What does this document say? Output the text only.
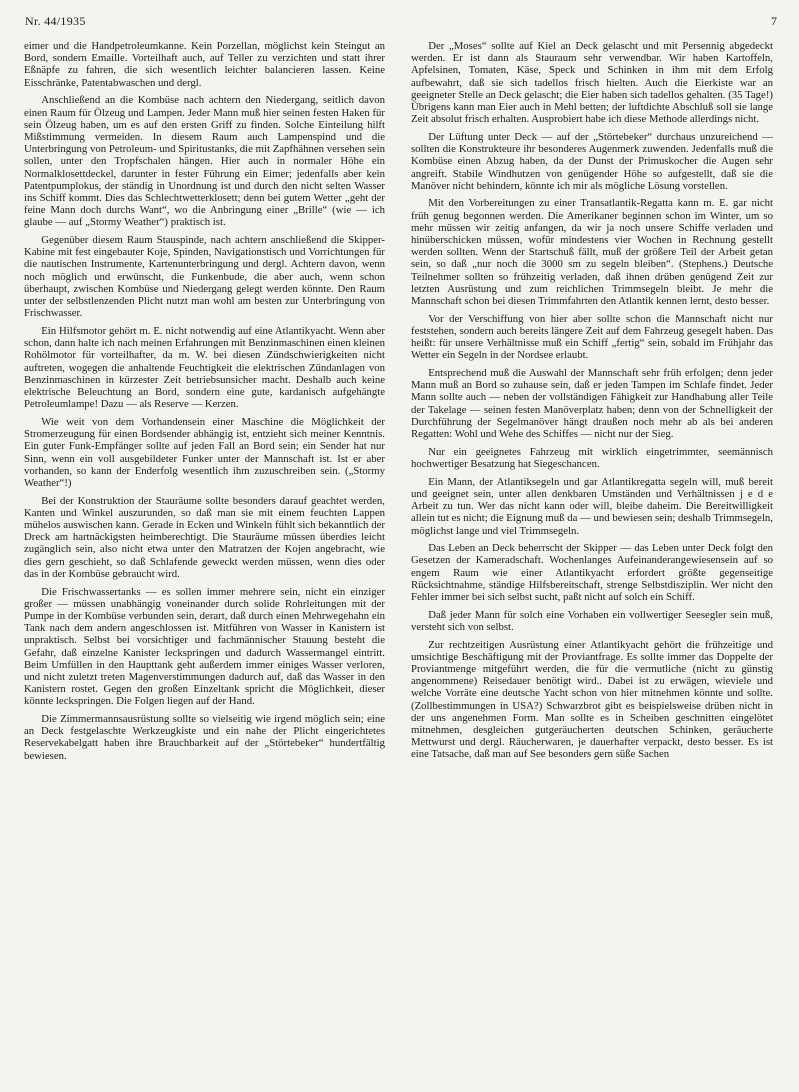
Nr. 44/1935	7

eimer und die Handpetroleumkanne. Kein Porzellan, möglichst kein Steingut an Bord, sondern Emaille. Vorteilhaft auch, auf Teller zu verzichten und statt ihrer Eßnäpfe zu fahren, die sich wesentlich leichter balancieren lassen. Keine Eisschränke, Patentabwaschen und dergl.

Anschließend an die Kombüse nach achtern den Niedergang, seitlich davon einen Raum für Ölzeug und Lampen. Jeder Mann muß hier seinen festen Haken für sein Ölzeug haben, um es auf den ersten Griff zu finden. Solche Einteilung hilft Mißstimmung vermeiden. In diesem Raum auch Lampenspind und die Unterbringung von Petroleum- und Spiritustanks, die mit Zapfhähnen versehen sein sollen, unter den Tropfschalen hängen. Hier auch in normaler Höhe ein Normalklosettdeckel, darunter in fester Führung ein Eimer; jedenfalls aber kein Patentpumplokus, der ständig in Unordnung ist und durch den nicht selten Wasser ins Schiff kommt. Dies das Schlechtwetterklosett; denn bei gutem Wetter „geht der feine Mann doch durchs Want“, wo die Anbringung einer „Brille“ (wie — ich glaube — auf „Stormy Weather“) praktisch ist.

Gegenüber diesem Raum Stauspinde, nach achtern anschließend die Skipper-Kabine mit fest eingebauter Koje, Spinden, Navigationstisch und Vorrichtungen für die nautischen Instrumente, Kartenunterbringung und dergl. Achtern davon, wenn noch möglich und erwünscht, die Funkenbude, die aber auch, wenn schon überhaupt, zwischen Kombüse und Niedergang gelegt werden könnte. Den Raum unter der selbstlenzenden Plicht nutzt man wohl am besten zur Unterbringung von Frischwasser.

Ein Hilfsmotor gehört m. E. nicht notwendig auf eine Atlantikyacht. Wenn aber schon, dann halte ich nach meinen Erfahrungen mit Benzinmaschinen einen kleinen Rohölmotor für vorteilhafter, da m. W. bei diesen Zündschwierigkeiten nicht auftreten, wogegen die anhaltende Feuchtigkeit die elektrischen Zündanlagen von Benzinmaschinen in kürzester Zeit betriebsunsicher macht. Deshalb auch keine elektrische Beleuchtung an Bord, sondern eine gute, kardanisch aufgehängte Petroleumlampe! Dazu — als Reserve — Kerzen.

Wie weit von dem Vorhandensein einer Maschine die Möglichkeit der Stromerzeugung für einen Bordsender abhängig ist, entzieht sich meiner Kenntnis. Ein guter Funk-Empfänger sollte auf jeden Fall an Bord sein; ein Sender hat nur Sinn, wenn ein voll ausgebildeter Funker unter der Mannschaft ist. Ist er aber vorhanden, so kann der Enderfolg wesentlich ihm zuzuschreiben sein. („Stormy Weather“!)

Bei der Konstruktion der Stauräume sollte besonders darauf geachtet werden, Kanten und Winkel auszurunden, so daß man sie mit einem feuchten Lappen mühelos auswischen kann. Gerade in Ecken und Winkeln fühlt sich bekanntlich der Dreck am hartnäckigsten heimberechtigt. Die Stauräume müssen überdies leicht zugänglich sein, also nicht etwa unter den Matratzen der Kojen angebracht, wie dies gern geschieht, so daß Schlafende geweckt werden müssen, wenn dies oder das in der Kombüse gebraucht wird.

Die Frischwassertanks — es sollen immer mehrere sein, nicht ein einziger großer — müssen unabhängig voneinander durch solide Rohrleitungen mit der Pumpe in der Kombüse verbunden sein, derart, daß durch einen Mehrwegehahn ein Tank nach dem andern angeschlossen ist. Mitführen von Wasser in Kanistern ist unpraktisch. Selbst bei vorsichtiger und fachmännischer Stauung besteht die Gefahr, daß einzelne Kanister leckspringen und dadurch Wassermangel eintritt. Beim Umfüllen in den Haupttank geht außerdem immer einiges Wasser verloren, und nicht zuletzt treten Magenverstimmungen dadurch auf, daß das Wasser in den Kanistern rostet. Gegen den großen Einzeltank spricht die Möglichkeit, dieser könnte leckspringen. Die Folgen liegen auf der Hand.

Die Zimmermannsausrüstung sollte so vielseitig wie irgend möglich sein; eine an Deck festgelaschte Werkzeugkiste und ein nahe der Plicht eingerichtetes Reservekabelgatt haben ihre Brauchbarkeit auf der „Störtebeker“ hundertfältig bewiesen.

Der „Moses“ sollte auf Kiel an Deck gelascht und mit Persennig abgedeckt werden. Er ist dann als Stauraum sehr verwendbar. Wir haben Kartoffeln, Apfelsinen, Tomaten, Käse, Speck und Schinken in ihm mit dem Erfolg aufbewahrt, daß sie sich tadellos frisch hielten. Auch die Eierkiste war an geeigneter Stelle an Deck gelascht; die Eier haben sich tadellos gehalten. (35 Tage!) Übrigens kann man Eier auch in Mehl betten; der luftdichte Abschluß soll sie lange Zeit absolut frisch erhalten. Ausprobiert habe ich diese Methode allerdings nicht.

Der Lüftung unter Deck — auf der „Störtebeker“ durchaus unzureichend — sollten die Konstrukteure ihr besonderes Augenmerk zuwenden. Jedenfalls muß die Kombüse einen Abzug haben, da der Dunst der Primuskocher die Augen sehr angreift. Stabile Windhutzen von genügender Höhe so aufgestellt, daß sie die Manöver nicht behindern, könnte ich mir als mögliche Lösung vorstellen.

Mit den Vorbereitungen zu einer Transatlantik-Regatta kann m. E. gar nicht früh genug begonnen werden. Die Amerikaner beginnen schon im Winter, um so mehr müssen wir zeitig anfangen, da wir ja noch unsere Schiffe verladen und hinüberschicken müssen, wofür mindestens vier Wochen in Rechnung gestellt werden sollten. Wenn der Startschuß fällt, muß der größere Teil der Arbeit getan sein, so daß „nur noch die 3000 sm zu segeln bleiben“. (Stephens.) Deutsche Teilnehmer sollten so frühzeitig verladen, daß ihnen drüben genügend Zeit zur letzten Ausrüstung und zum reichlichen Trimmsegeln bleibt. Je mehr die Mannschaft schon bei diesen Trimmfahrten den Atlantik kennen lernt, desto besser.

Vor der Verschiffung von hier aber sollte schon die Mannschaft nicht nur feststehen, sondern auch bereits längere Zeit auf dem Fahrzeug gesegelt haben. Das heißt: für unsere Verhältnisse muß ein Schiff „fertig“ sein, sobald im Frühjahr das Wetter ein Segeln in der Nordsee erlaubt.

Entsprechend muß die Auswahl der Mannschaft sehr früh erfolgen; denn jeder Mann muß an Bord so zuhause sein, daß er jeden Tampen im Schlafe findet. Jeder Mann sollte auch — neben der vollständigen Fähigkeit zur Handhabung aller Teile der Takelage — seinen festen Manöverplatz haben; denn von der Schnelligkeit der Durchführung der Segelmanöver hängt draußen noch mehr ab als bei anderen Regatten: Wohl und Wehe des Schiffes — nicht nur der Sieg.

Nur ein geeignetes Fahrzeug mit wirklich eingetrimmter, seemännisch hochwertiger Besatzung hat Siegeschancen.

Ein Mann, der Atlantiksegeln und gar Atlantikregatta segeln will, muß bereit und geeignet sein, unter allen denkbaren Umständen und Verhältnissen j e d e Arbeit zu tun. Wer das nicht kann oder will, bleibe daheim. Die Bereitwilligkeit allein tut es nicht; die Eignung muß da — und bewiesen sein; deshalb Trimmsegeln, möglichst lange und viel Trimmsegeln.

Das Leben an Deck beherrscht der Skipper — das Leben unter Deck folgt den Gesetzen der Kameradschaft. Wochenlanges Aufeinanderangewiesensein auf so engem Raum wie einer Atlantikyacht erfordert größte gegenseitige Rücksichtnahme, ständige Hilfsbereitschaft, strenge Selbstdisziplin. Wer nicht den Fehler immer bei sich selbst sucht, paßt nicht auf solch ein Schiff.

Daß jeder Mann für solch eine Vorhaben ein vollwertiger Seesegler sein muß, versteht sich von selbst.

Zur rechtzeitigen Ausrüstung einer Atlantikyacht gehört die frühzeitige und umsichtige Beschäftigung mit der Proviantfrage. Es sollte immer das Doppelte der Proviantmenge mitgeführt werden, die für die vermutliche (nicht zu günstig angenommene) Reisedauer benötigt wird.. Dabei ist zu erwägen, wieviele und welche Vorräte eine deutsche Yacht schon von hier mitnehmen könnte und sollte. (Zollbestimmungen in USA?) Schwarzbrot gibt es beispielsweise drüben nicht in der uns angenehmen Form. Man sollte es in Scheiben geschnitten eingelötet mitnehmen, desgleichen gutgeräucherten deutschen Schinken, geräucherte Mettwurst und dergl. Räucherwaren, je dauerhafter verpackt, desto besser. Es ist eine Tatsache, daß man auf See besonders gern süße Sachen
